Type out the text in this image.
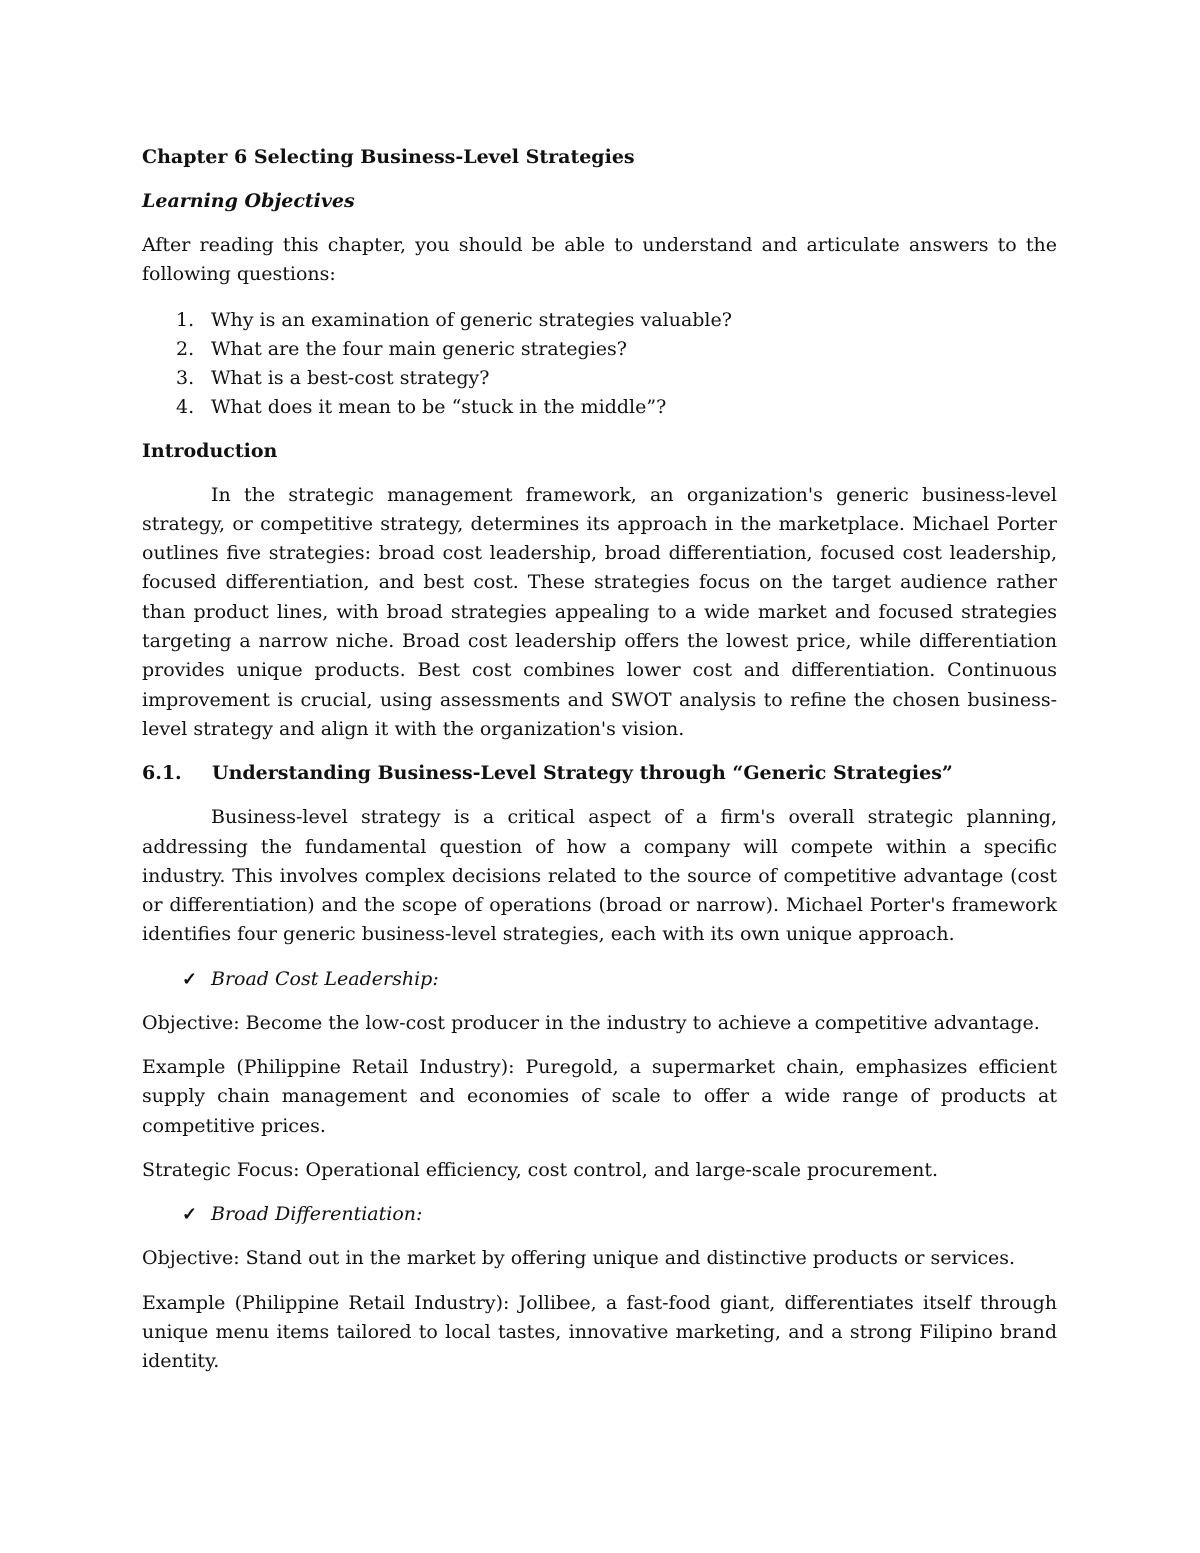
Chapter 6 Selecting Business-Level Strategies
Learning Objectives

After reading this chapter, you should be able to understand and articulate answers to the following questions:

1. Why is an examination of generic strategies valuable?
2. What are the four main generic strategies?
3. What is a best-cost strategy?
4. What does it mean to be “stuck in the middle”?
Introduction

In the strategic management framework, an organization's generic business-level strategy, or competitive strategy, determines its approach in the marketplace. Michael Porter outlines five strategies: broad cost leadership, broad differentiation, focused cost leadership, focused differentiation, and best cost. These strategies focus on the target audience rather than product lines, with broad strategies appealing to a wide market and focused strategies targeting a narrow niche. Broad cost leadership offers the lowest price, while differentiation provides unique products. Best cost combines lower cost and differentiation. Continuous improvement is crucial, using assessments and SWOT analysis to refine the chosen business-level strategy and align it with the organization's vision.

6.1.	Understanding Business-Level Strategy through “Generic Strategies”

Business-level strategy is a critical aspect of a firm's overall strategic planning, addressing the fundamental question of how a company will compete within a specific industry. This involves complex decisions related to the source of competitive advantage (cost or differentiation) and the scope of operations (broad or narrow). Michael Porter's framework identifies four generic business-level strategies, each with its own unique approach.

✓ Broad Cost Leadership:

Objective: Become the low-cost producer in the industry to achieve a competitive advantage.

Example (Philippine Retail Industry): Puregold, a supermarket chain, emphasizes efficient supply chain management and economies of scale to offer a wide range of products at competitive prices.

Strategic Focus: Operational efficiency, cost control, and large-scale procurement.

✓ Broad Differentiation:

Objective: Stand out in the market by offering unique and distinctive products or services.

Example (Philippine Retail Industry): Jollibee, a fast-food giant, differentiates itself through unique menu items tailored to local tastes, innovative marketing, and a strong Filipino brand identity.
